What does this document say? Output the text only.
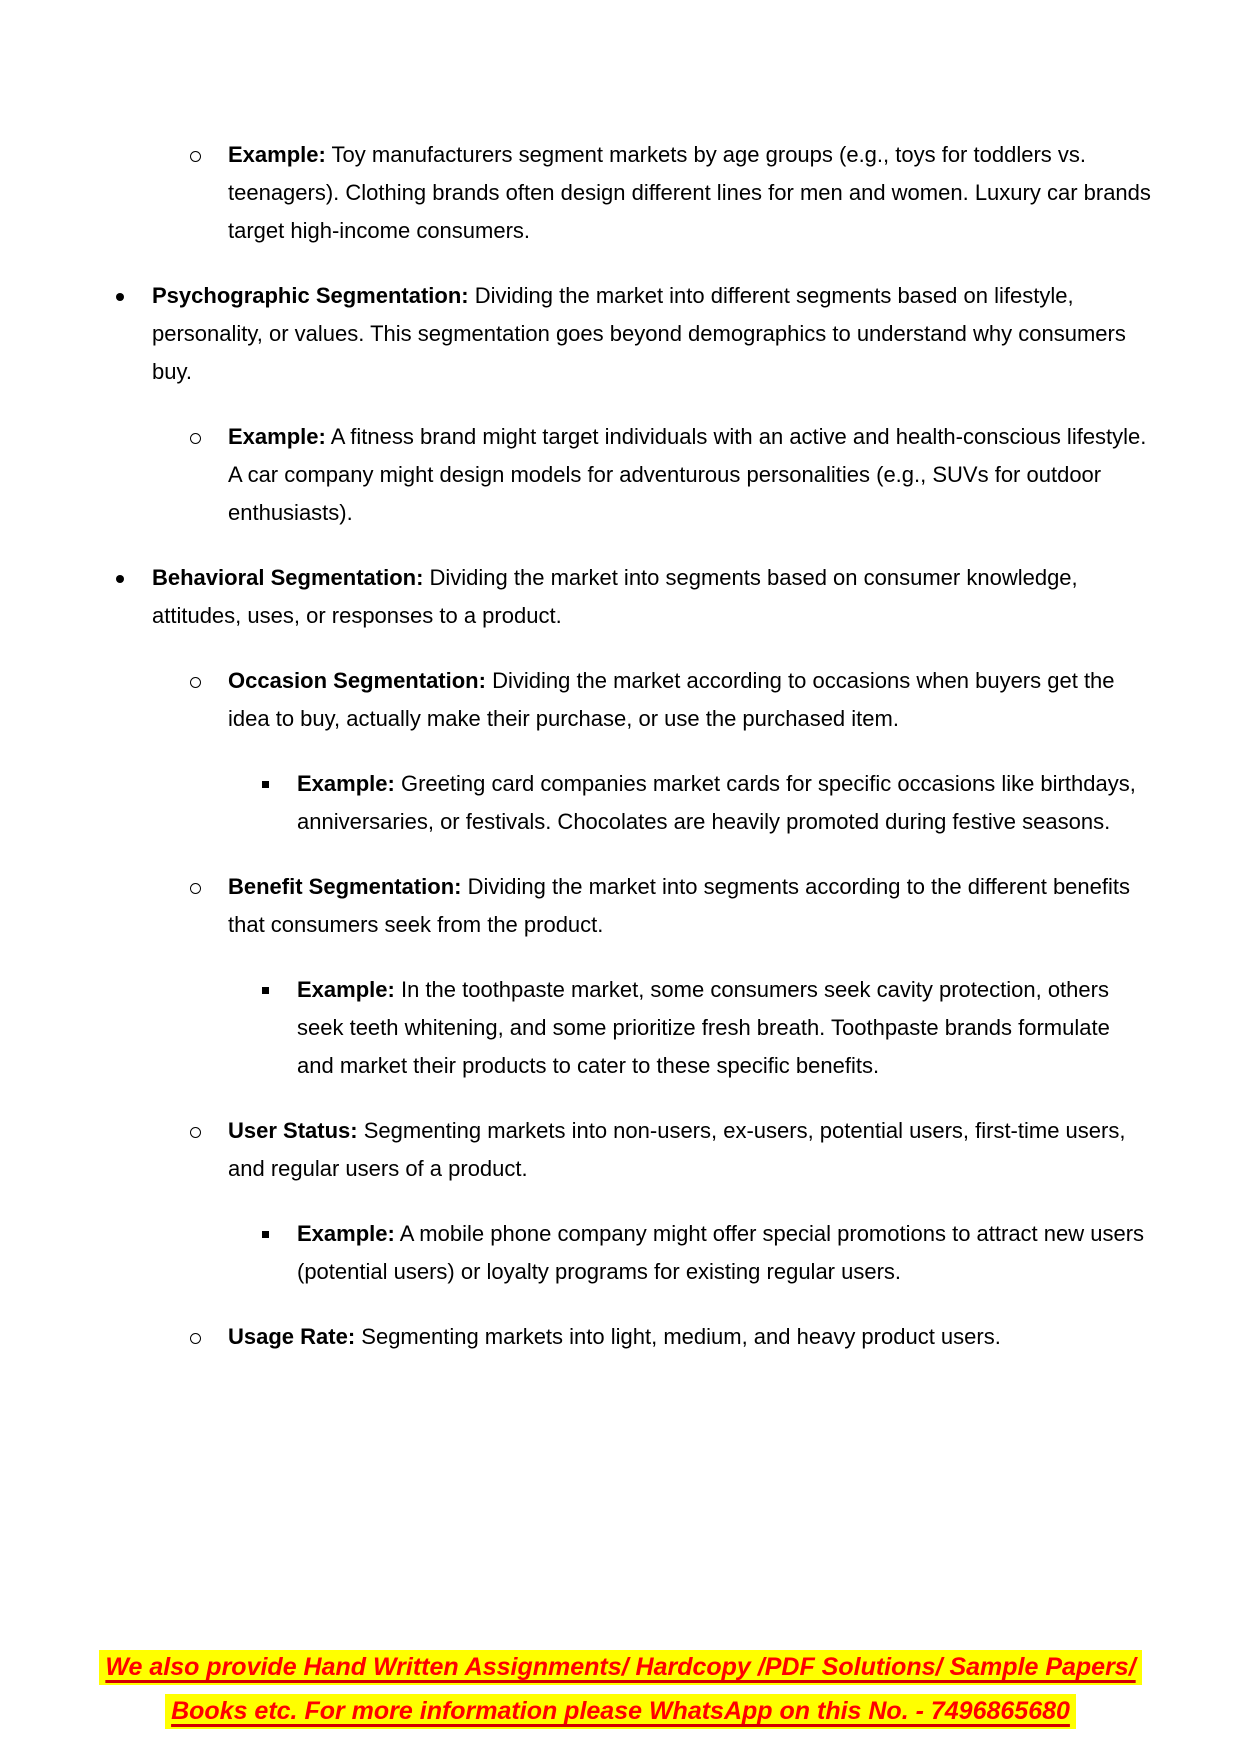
Example: Toy manufacturers segment markets by age groups (e.g., toys for toddlers vs. teenagers). Clothing brands often design different lines for men and women. Luxury car brands target high-income consumers.
Psychographic Segmentation: Dividing the market into different segments based on lifestyle, personality, or values. This segmentation goes beyond demographics to understand why consumers buy.
Example: A fitness brand might target individuals with an active and health-conscious lifestyle. A car company might design models for adventurous personalities (e.g., SUVs for outdoor enthusiasts).
Behavioral Segmentation: Dividing the market into segments based on consumer knowledge, attitudes, uses, or responses to a product.
Occasion Segmentation: Dividing the market according to occasions when buyers get the idea to buy, actually make their purchase, or use the purchased item.
Example: Greeting card companies market cards for specific occasions like birthdays, anniversaries, or festivals. Chocolates are heavily promoted during festive seasons.
Benefit Segmentation: Dividing the market into segments according to the different benefits that consumers seek from the product.
Example: In the toothpaste market, some consumers seek cavity protection, others seek teeth whitening, and some prioritize fresh breath. Toothpaste brands formulate and market their products to cater to these specific benefits.
User Status: Segmenting markets into non-users, ex-users, potential users, first-time users, and regular users of a product.
Example: A mobile phone company might offer special promotions to attract new users (potential users) or loyalty programs for existing regular users.
Usage Rate: Segmenting markets into light, medium, and heavy product users.
We also provide Hand Written Assignments/ Hardcopy /PDF Solutions/ Sample Papers/
Books etc. For more information please WhatsApp on this No. - 7496865680
